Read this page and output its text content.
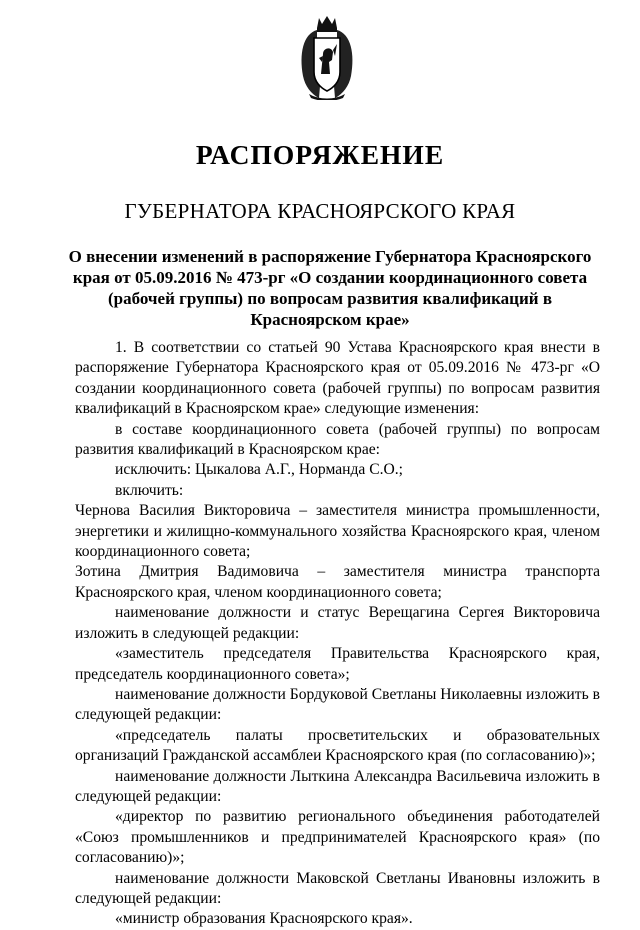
РАСПОРЯЖЕНИЕ
ГУБЕРНАТОРА КРАСНОЯРСКОГО КРАЯ
О внесении изменений в распоряжение Губернатора Красноярского края от 05.09.2016 № 473-рг «О создании координационного совета (рабочей группы) по вопросам развития квалификаций в Красноярском крае»

1. В соответствии со статьей 90 Устава Красноярского края внести в распоряжение Губернатора Красноярского края от 05.09.2016 № 473-рг «О создании координационного совета (рабочей группы) по вопросам развития квалификаций в Красноярском крае» следующие изменения:

в составе координационного совета (рабочей группы) по вопросам развития квалификаций в Красноярском крае:

исключить: Цыкалова А.Г., Норманда С.О.;

включить:

Чернова Василия Викторовича – заместителя министра промышленности, энергетики и жилищно-коммунального хозяйства Красноярского края, членом координационного совета;

Зотина Дмитрия Вадимовича – заместителя министра транспорта Красноярского края, членом координационного совета;

наименование должности и статус Верещагина Сергея Викторовича изложить в следующей редакции:

«заместитель председателя Правительства Красноярского края, председатель координационного совета»;

наименование должности Бордуковой Светланы Николаевны изложить в следующей редакции:

«председатель палаты просветительских и образовательных организаций Гражданской ассамблеи Красноярского края (по согласованию)»;

наименование должности Лыткина Александра Васильевича изложить в следующей редакции:

«директор по развитию регионального объединения работодателей «Союз промышленников и предпринимателей Красноярского края» (по согласованию)»;

наименование должности Маковской Светланы Ивановны изложить в следующей редакции:

«министр образования Красноярского края».
